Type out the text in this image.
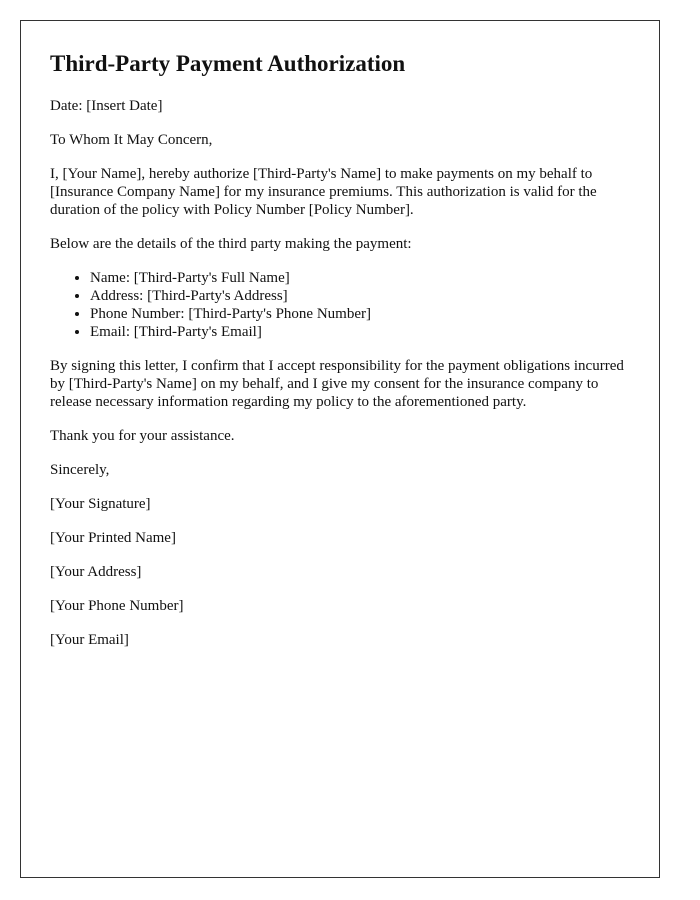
Third-Party Payment Authorization

Date: [Insert Date]

To Whom It May Concern,

I, [Your Name], hereby authorize [Third-Party's Name] to make payments on my behalf to [Insurance Company Name] for my insurance premiums. This authorization is valid for the duration of the policy with Policy Number [Policy Number].

Below are the details of the third party making the payment:

• Name: [Third-Party's Full Name]
• Address: [Third-Party's Address]
• Phone Number: [Third-Party's Phone Number]
• Email: [Third-Party's Email]

By signing this letter, I confirm that I accept responsibility for the payment obligations incurred by [Third-Party's Name] on my behalf, and I give my consent for the insurance company to release necessary information regarding my policy to the aforementioned party.

Thank you for your assistance.

Sincerely,

[Your Signature]

[Your Printed Name]

[Your Address]

[Your Phone Number]

[Your Email]
